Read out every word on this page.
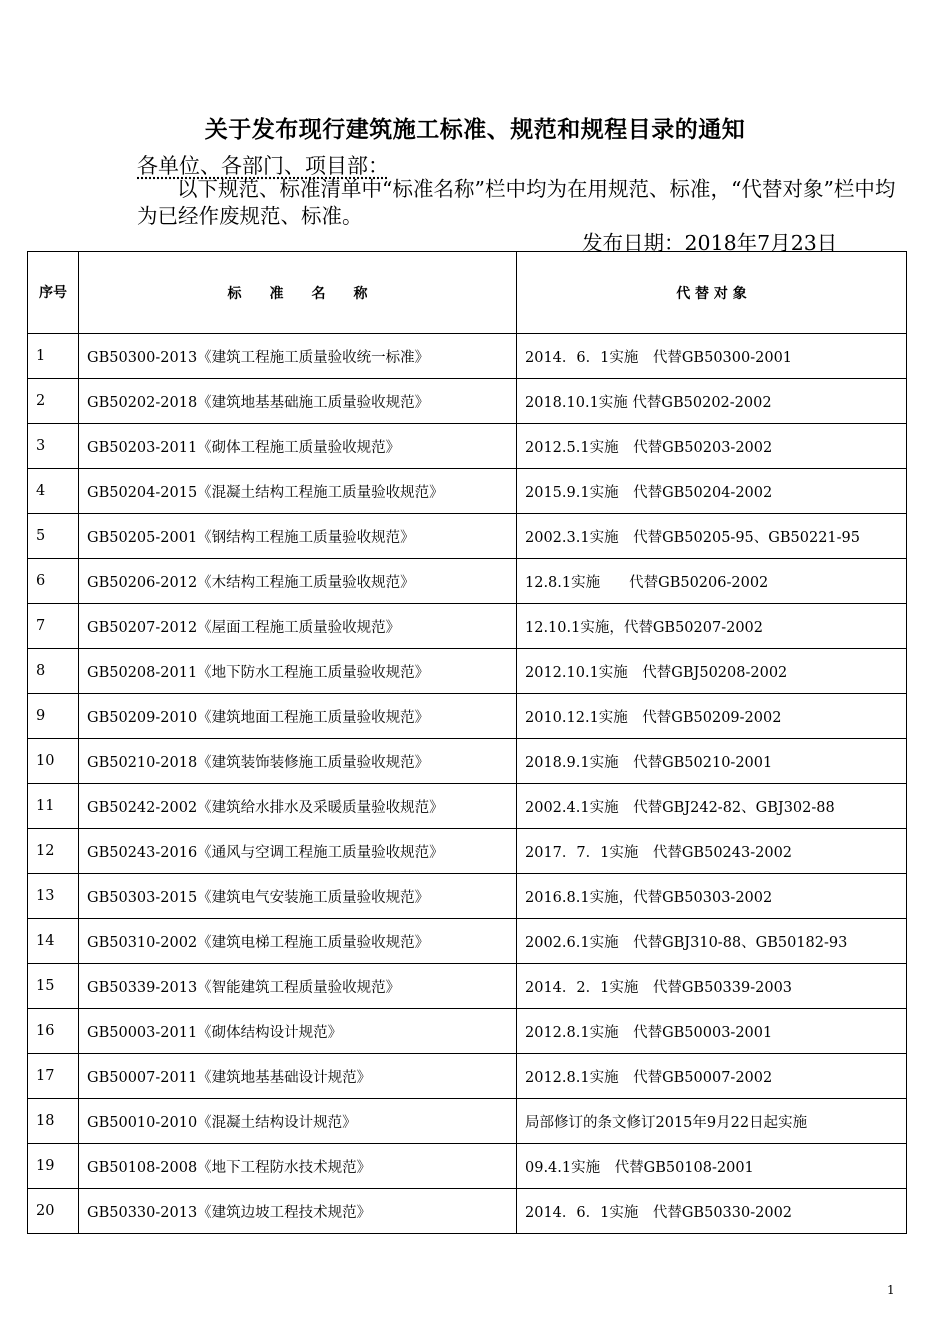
关于发布现行建筑施工标准、规范和规程目录的通知
各单位、各部门、项目部：
以下规范、标准清单中“标准名称”栏中均为在用规范、标准，“代替对象”栏中均为已经作废规范、标准。
发布日期：2018年7月23日
序号	标　　准　　名　　称	代 替 对 象
1	GB50300-2013《建筑工程施工质量验收统一标准》	2014．6．1实施　代替GB50300-2001
2	GB50202-2018《建筑地基基础施工质量验收规范》	2018.10.1实施 代替GB50202-2002
3	GB50203-2011《砌体工程施工质量验收规范》	2012.5.1实施　代替GB50203-2002
4	GB50204-2015《混凝土结构工程施工质量验收规范》	2015.9.1实施　代替GB50204-2002
5	GB50205-2001《钢结构工程施工质量验收规范》	2002.3.1实施　代替GB50205-95、GB50221-95
6	GB50206-2012《木结构工程施工质量验收规范》	12.8.1实施　　代替GB50206-2002
7	GB50207-2012《屋面工程施工质量验收规范》	12.10.1实施，代替GB50207-2002
8	GB50208-2011《地下防水工程施工质量验收规范》	2012.10.1实施　代替GBJ50208-2002
9	GB50209-2010《建筑地面工程施工质量验收规范》	2010.12.1实施　代替GB50209-2002
10	GB50210-2018《建筑装饰装修施工质量验收规范》	2018.9.1实施　代替GB50210-2001
11	GB50242-2002《建筑给水排水及采暖质量验收规范》	2002.4.1实施　代替GBJ242-82、GBJ302-88
12	GB50243-2016《通风与空调工程施工质量验收规范》	2017．7．1实施　代替GB50243-2002
13	GB50303-2015《建筑电气安装施工质量验收规范》	2016.8.1实施，代替GB50303-2002
14	GB50310-2002《建筑电梯工程施工质量验收规范》	2002.6.1实施　代替GBJ310-88、GB50182-93
15	GB50339-2013《智能建筑工程质量验收规范》	2014．2．1实施　代替GB50339-2003
16	GB50003-2011《砌体结构设计规范》	2012.8.1实施　代替GB50003-2001
17	GB50007-2011《建筑地基基础设计规范》	2012.8.1实施　代替GB50007-2002
18	GB50010-2010《混凝土结构设计规范》	局部修订的条文修订2015年9月22日起实施
19	GB50108-2008《地下工程防水技术规范》	09.4.1实施　代替GB50108-2001
20	GB50330-2013《建筑边坡工程技术规范》	2014．6．1实施　代替GB50330-2002
1
